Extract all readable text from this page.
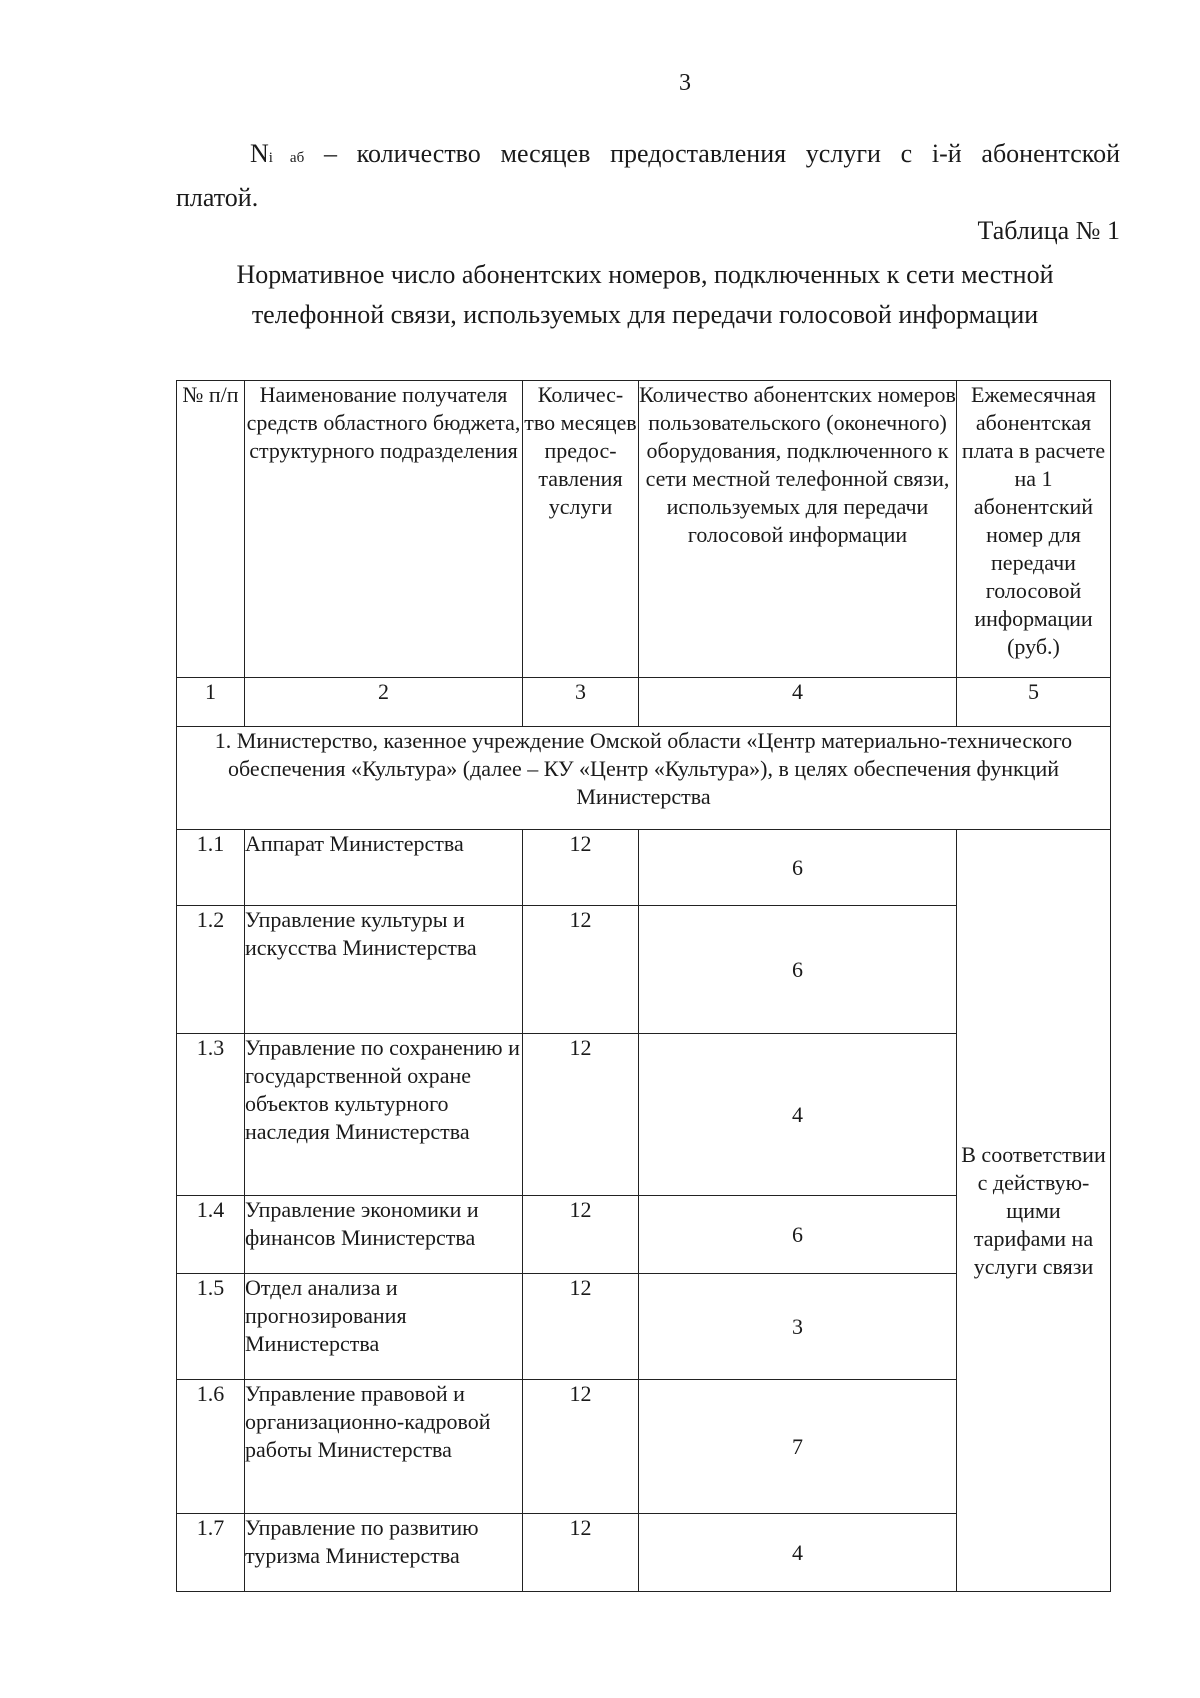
3
Ni аб – количество месяцев предоставления услуги с i-й абонентской
платой.
Таблица № 1
Нормативное число абонентских номеров, подключенных к сети местной
телефонной связи, используемых для передачи голосовой информации
№ п/п	Наименование получателя средств областного бюджета, структурного подразделения	Количес-тво месяцев предос-тавления услуги	Количество абонентских номеров пользовательского (оконечного) оборудования, подключенного к сети местной телефонной связи, используемых для передачи голосовой информации	Ежемесячная абонентская плата в расчете на 1 абонентский номер для передачи голосовой информации (руб.)
1	2	3	4	5
1. Министерство, казенное учреждение Омской области «Центр материально-технического обеспечения «Культура» (далее – КУ «Центр «Культура»), в целях обеспечения функций Министерства				
1.1	Аппарат Министерства	12	6	В соответствии с действую-щими тарифами на услуги связи
1.2	Управление культуры и искусства Министерства	12	6	
1.3	Управление по сохранению и государственной охране объектов культурного наследия Министерства	12	4	
1.4	Управление экономики и финансов Министерства	12	6	
1.5	Отдел анализа и прогнозирования Министерства	12	3	
1.6	Управление правовой и организационно-кадровой работы Министерства	12	7	
1.7	Управление по развитию туризма Министерства	12	4	
